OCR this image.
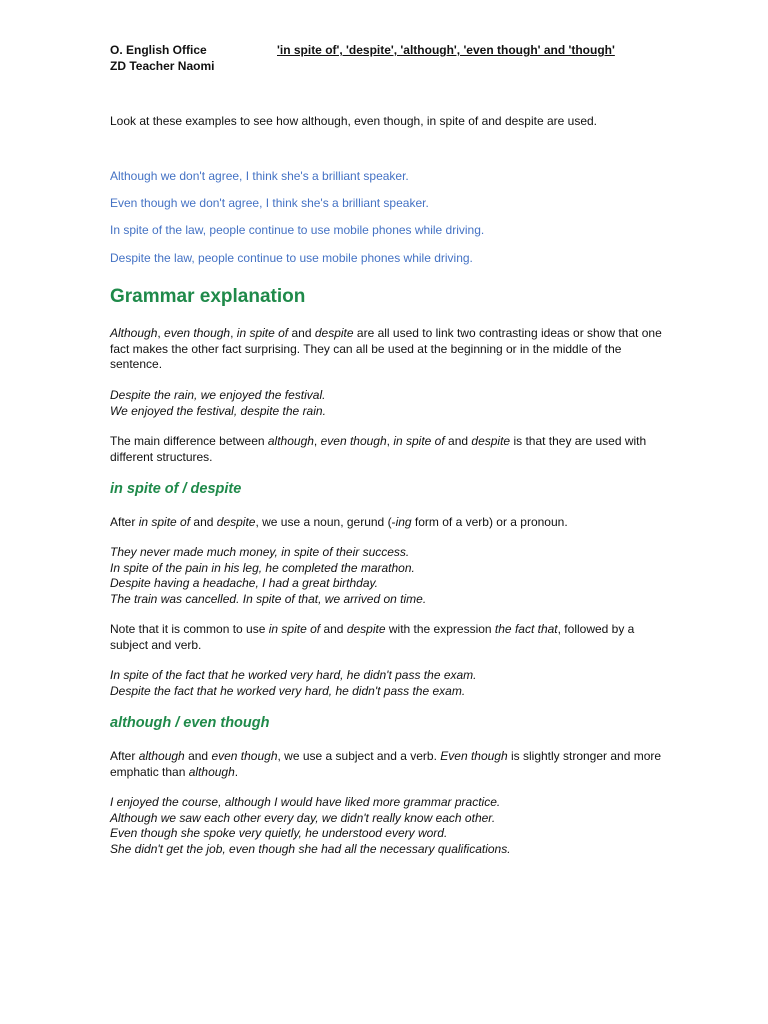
O. English Office
ZD Teacher Naomi
'in spite of', 'despite', 'although', 'even though' and 'though'
Look at these examples to see how although, even though, in spite of and despite are used.
Although we don't agree, I think she's a brilliant speaker.
Even though we don't agree, I think she's a brilliant speaker.
In spite of the law, people continue to use mobile phones while driving.
Despite the law, people continue to use mobile phones while driving.
Grammar explanation
Although, even though, in spite of and despite are all used to link two contrasting ideas or show that one fact makes the other fact surprising. They can all be used at the beginning or in the middle of the sentence.
Despite the rain, we enjoyed the festival.
We enjoyed the festival, despite the rain.
The main difference between although, even though, in spite of and despite is that they are used with different structures.
in spite of / despite
After in spite of and despite, we use a noun, gerund (-ing form of a verb) or a pronoun.
They never made much money, in spite of their success.
In spite of the pain in his leg, he completed the marathon.
Despite having a headache, I had a great birthday.
The train was cancelled. In spite of that, we arrived on time.
Note that it is common to use in spite of and despite with the expression the fact that, followed by a subject and verb.
In spite of the fact that he worked very hard, he didn't pass the exam.
Despite the fact that he worked very hard, he didn't pass the exam.
although / even though
After although and even though, we use a subject and a verb. Even though is slightly stronger and more emphatic than although.
I enjoyed the course, although I would have liked more grammar practice.
Although we saw each other every day, we didn't really know each other.
Even though she spoke very quietly, he understood every word.
She didn't get the job, even though she had all the necessary qualifications.
